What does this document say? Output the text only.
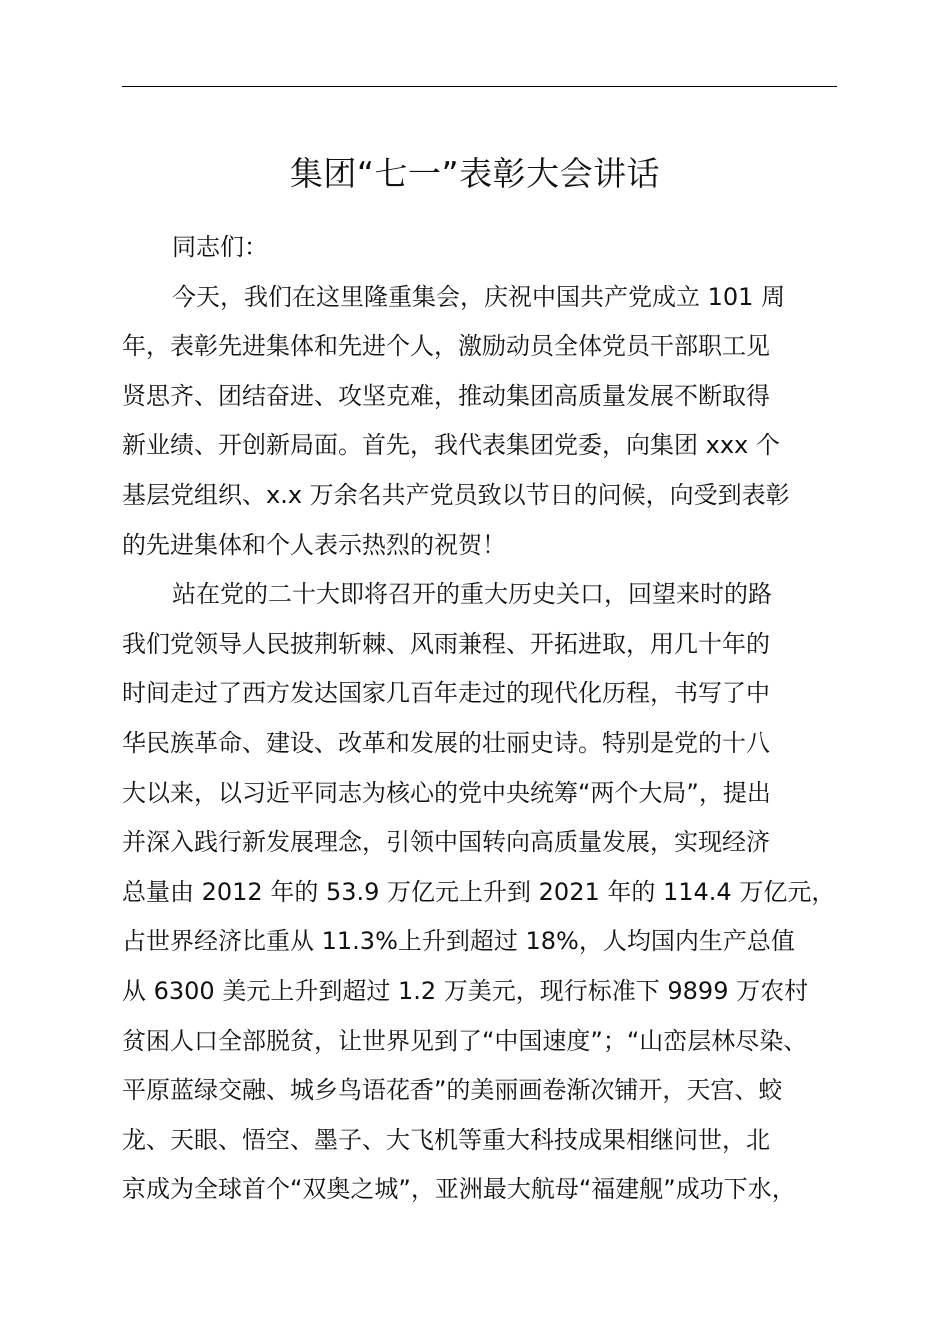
集团“七一”表彰大会讲话
同志们：
今天，我们在这里隆重集会，庆祝中国共产党成立 101 周
年，表彰先进集体和先进个人，激励动员全体党员干部职工见
贤思齐、团结奋进、攻坚克难，推动集团高质量发展不断取得
新业绩、开创新局面。首先，我代表集团党委，向集团 xxx 个
基层党组织、x.x 万余名共产党员致以节日的问候，向受到表彰
的先进集体和个人表示热烈的祝贺！
站在党的二十大即将召开的重大历史关口，回望来时的路
我们党领导人民披荆斩棘、风雨兼程、开拓进取，用几十年的
时间走过了西方发达国家几百年走过的现代化历程，书写了中
华民族革命、建设、改革和发展的壮丽史诗。特别是党的十八
大以来，以习近平同志为核心的党中央统筹“两个大局”，提出
并深入践行新发展理念，引领中国转向高质量发展，实现经济
总量由 2012 年的 53.9 万亿元上升到 2021 年的 114.4 万亿元，
占世界经济比重从 11.3%上升到超过 18%，人均国内生产总值
从 6300 美元上升到超过 1.2 万美元，现行标准下 9899 万农村
贫困人口全部脱贫，让世界见到了“中国速度”；“山峦层林尽染、
平原蓝绿交融、城乡鸟语花香”的美丽画卷渐次铺开，天宫、蛟
龙、天眼、悟空、墨子、大飞机等重大科技成果相继问世，北
京成为全球首个“双奥之城”，亚洲最大航母“福建舰”成功下水，
